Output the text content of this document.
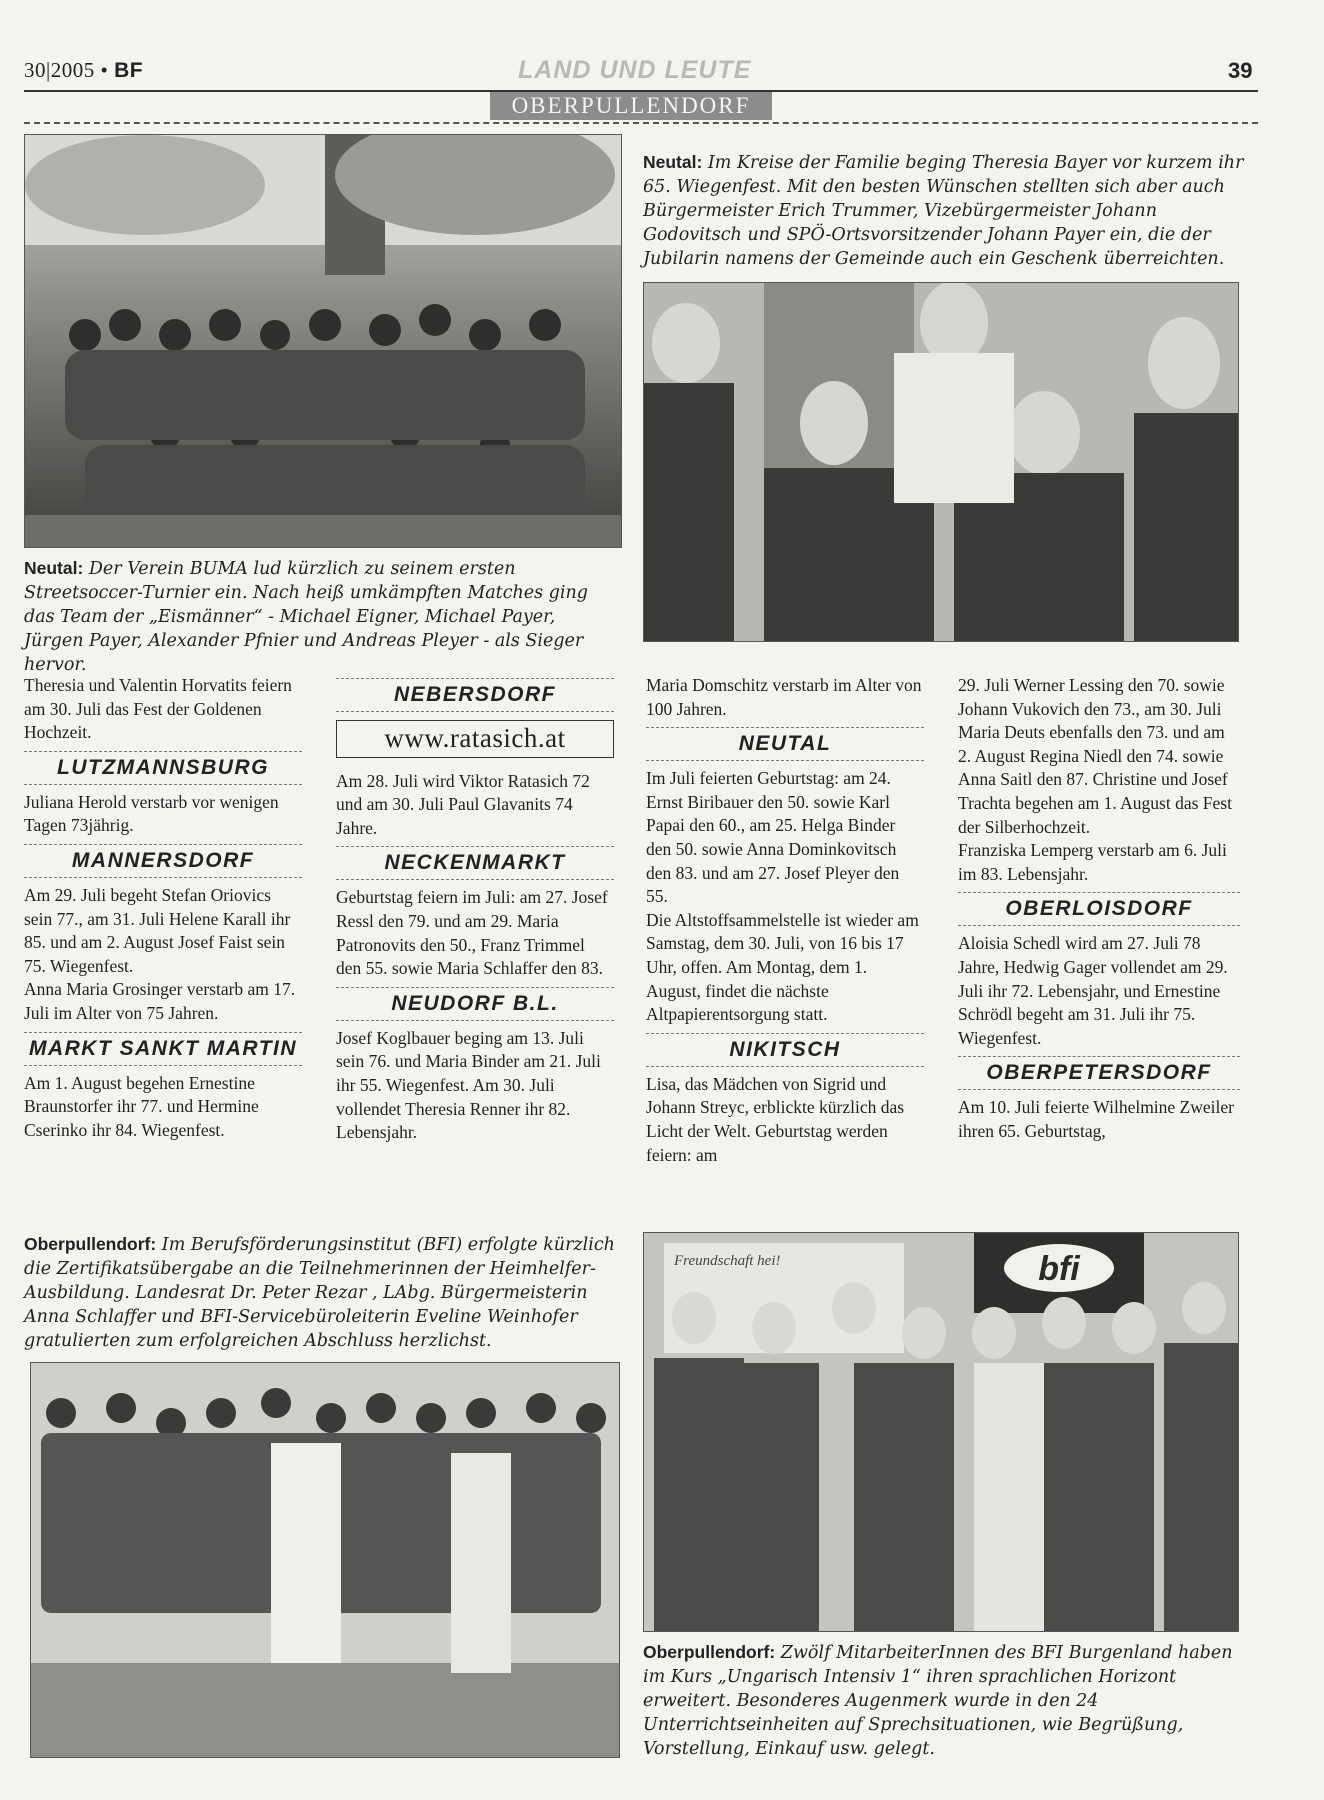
30|2005 • BF	LAND UND LEUTE	39
OBERPULLENDORF
Neutal: Der Verein BUMA lud kürzlich zu seinem ersten Streetsoccer-Turnier ein. Nach heiß umkämpften Matches ging das Team der „Eismänner“ - Michael Eigner, Michael Payer, Jürgen Payer, Alexander Pfnier und Andreas Pleyer - als Sieger hervor.
Neutal: Im Kreise der Familie beging Theresia Bayer vor kurzem ihr 65. Wiegenfest. Mit den besten Wünschen stellten sich aber auch Bürgermeister Erich Trummer, Vizebürgermeister Johann Godovitsch und SPÖ-Ortsvorsitzender Johann Payer ein, die der Jubilarin namens der Gemeinde auch ein Geschenk überreichten.

Theresia und Valentin Horvatits feiern am 30. Juli das Fest der Goldenen Hochzeit.

LUTZMANNSBURG

Juliana Herold verstarb vor wenigen Tagen 73jährig.

MANNERSDORF

Am 29. Juli begeht Stefan Oriovics sein 77., am 31. Juli Helene Karall ihr 85. und am 2. August Josef Faist sein 75. Wiegenfest.

Anna Maria Grosinger verstarb am 17. Juli im Alter von 75 Jahren.

MARKT SANKT MARTIN

Am 1. August begehen Ernestine Braunstorfer ihr 77. und Hermine Cserinko ihr 84. Wiegenfest.

NEBERSDORF
www.ratasich.at

Am 28. Juli wird Viktor Ratasich 72 und am 30. Juli Paul Glavanits 74 Jahre.

NECKENMARKT

Geburtstag feiern im Juli: am 27. Josef Ressl den 79. und am 29. Maria Patronovits den 50., Franz Trimmel den 55. sowie Maria Schlaffer den 83.

NEUDORF B.L.

Josef Koglbauer beging am 13. Juli sein 76. und Maria Binder am 21. Juli ihr 55. Wiegenfest. Am 30. Juli vollendet Theresia Renner ihr 82. Lebensjahr.

Maria Domschitz verstarb im Alter von 100 Jahren.

NEUTAL

Im Juli feierten Geburtstag: am 24. Ernst Biribauer den 50. sowie Karl Papai den 60., am 25. Helga Binder den 50. sowie Anna Dominkovitsch den 83. und am 27. Josef Pleyer den 55.

Die Altstoffsammelstelle ist wieder am Samstag, dem 30. Juli, von 16 bis 17 Uhr, offen. Am Montag, dem 1. August, findet die nächste Altpapierentsorgung statt.

NIKITSCH

Lisa, das Mädchen von Sigrid und Johann Streyc, erblickte kürzlich das Licht der Welt. Geburtstag werden feiern: am

29. Juli Werner Lessing den 70. sowie Johann Vukovich den 73., am 30. Juli Maria Deuts ebenfalls den 73. und am 2. August Regina Niedl den 74. sowie Anna Saitl den 87. Christine und Josef Trachta begehen am 1. August das Fest der Silberhochzeit.

Franziska Lemperg verstarb am 6. Juli im 83. Lebensjahr.

OBERLOISDORF

Aloisia Schedl wird am 27. Juli 78 Jahre, Hedwig Gager vollendet am 29. Juli ihr 72. Lebensjahr, und Ernestine Schrödl begeht am 31. Juli ihr 75. Wiegenfest.

OBERPETERSDORF

Am 10. Juli feierte Wilhelmine Zweiler ihren 65. Geburtstag,

Oberpullendorf: Im Berufsförderungsinstitut (BFI) erfolgte kürzlich die Zertifikatsübergabe an die Teilnehmerinnen der Heimhelfer-Ausbildung. Landesrat Dr. Peter Rezar , LAbg. Bürgermeisterin Anna Schlaffer und BFI-Servicebüroleiterin Eveline Weinhofer gratulierten zum erfolgreichen Abschluss herzlichst.
Freundschaft hei!	bfi
Oberpullendorf: Zwölf MitarbeiterInnen des BFI Burgenland haben im Kurs „Ungarisch Intensiv 1“ ihren sprachlichen Horizont erweitert. Besonderes Augenmerk wurde in den 24 Unterrichtseinheiten auf Sprechsituationen, wie Begrüßung, Vorstellung, Einkauf usw. gelegt.
